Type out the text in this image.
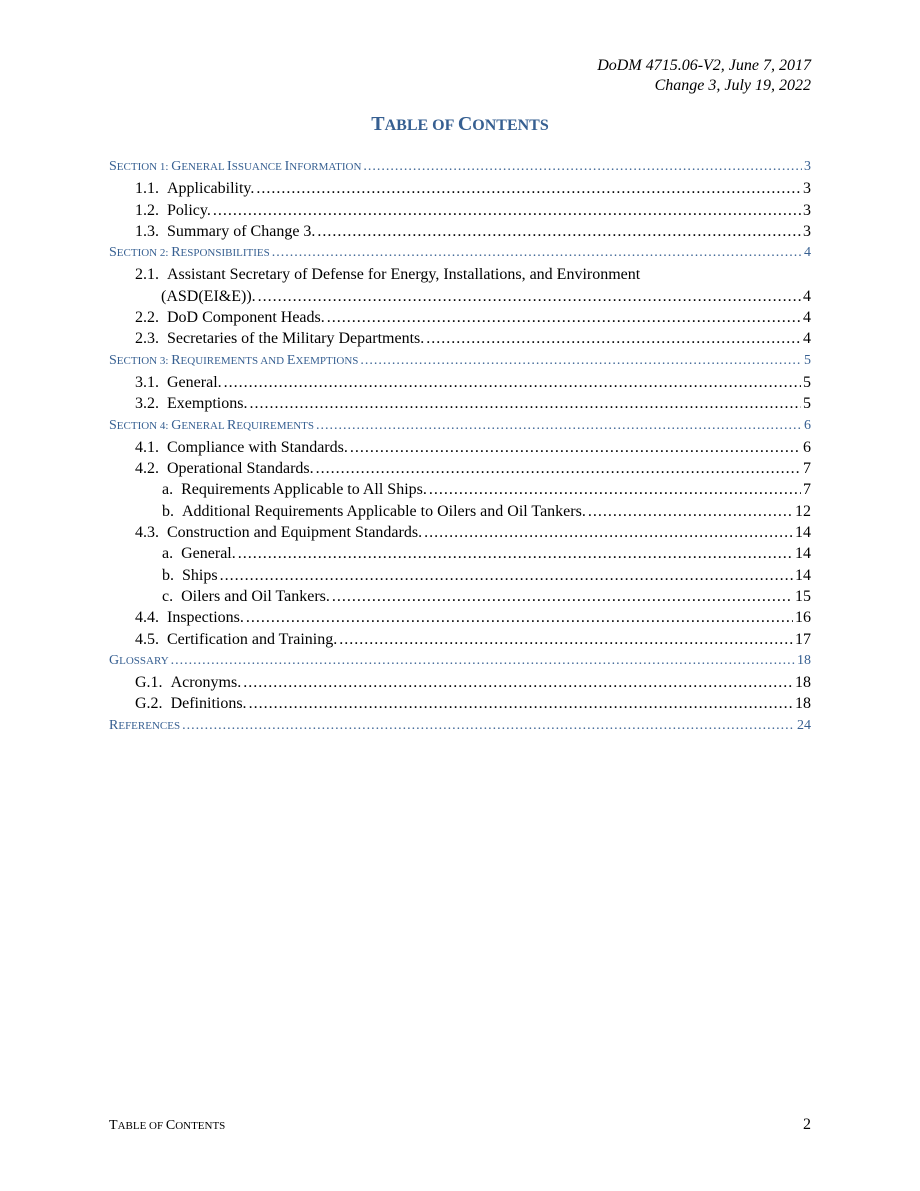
DoDM 4715.06-V2, June 7, 2017
Change 3, July 19, 2022
TABLE OF CONTENTS
SECTION 1: GENERAL ISSUANCE INFORMATION .....	3
1.1. Applicability. .....	3
1.2. Policy. .....	3
1.3. Summary of Change 3. .....	3
SECTION 2: RESPONSIBILITIES .....	4
2.1. Assistant Secretary of Defense for Energy, Installations, and Environment
(ASD(EI&E)). .....	4
2.2. DoD Component Heads. .....	4
2.3. Secretaries of the Military Departments. .....	4
SECTION 3: REQUIREMENTS AND EXEMPTIONS .....	5
3.1. General. .....	5
3.2. Exemptions. .....	5
SECTION 4: GENERAL REQUIREMENTS .....	6
4.1. Compliance with Standards. .....	6
4.2. Operational Standards. .....	7
a. Requirements Applicable to All Ships. .....	7
b. Additional Requirements Applicable to Oilers and Oil Tankers. .....	12
4.3. Construction and Equipment Standards. .....	14
a. General. .....	14
b. Ships .....	14
c. Oilers and Oil Tankers. .....	15
4.4. Inspections. .....	16
4.5. Certification and Training. .....	17
GLOSSARY .....	18
G.1. Acronyms. .....	18
G.2. Definitions. .....	18
REFERENCES .....	24
TABLE OF CONTENTS	2
